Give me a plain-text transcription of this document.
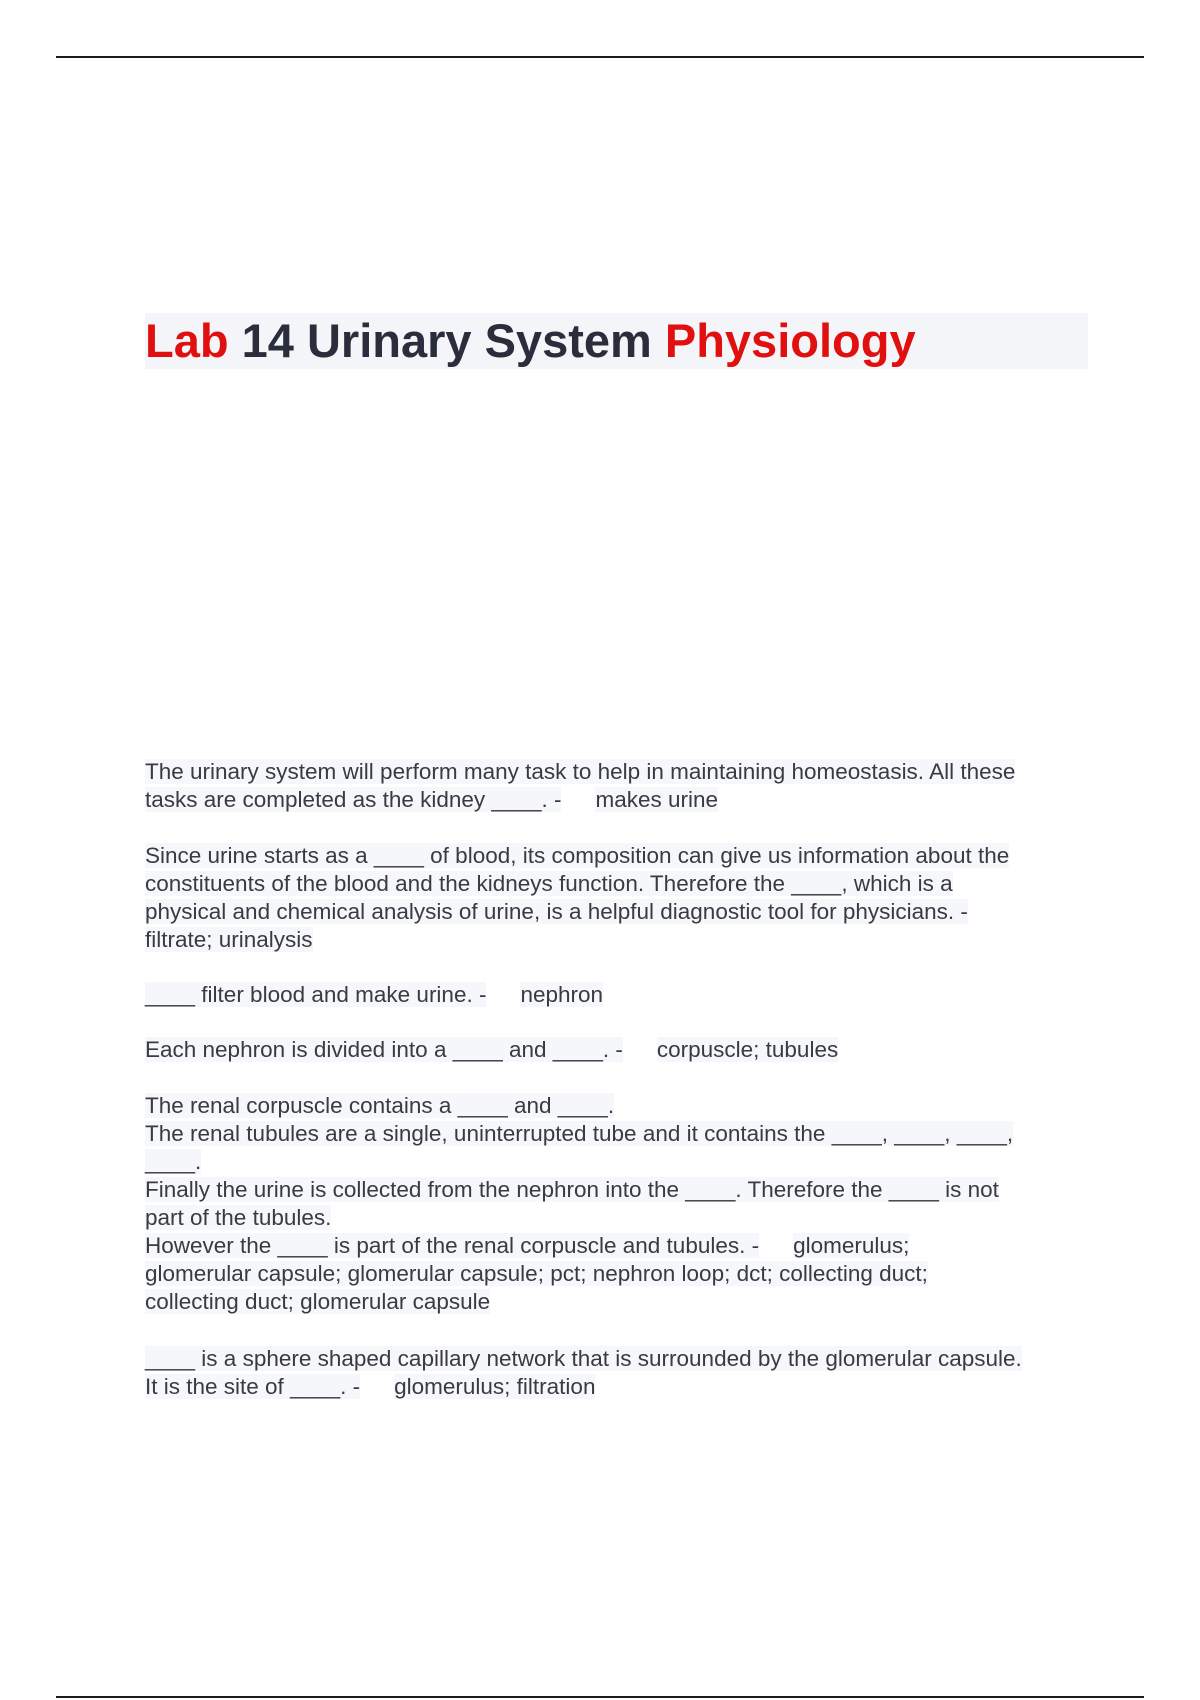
Lab 14 Urinary System Physiology

The urinary system will perform many task to help in maintaining homeostasis. All these

tasks are completed as the kidney ____. - makes urine

Since urine starts as a ____ of blood, its composition can give us information about the

constituents of the blood and the kidneys function. Therefore the ____, which is a

physical and chemical analysis of urine, is a helpful diagnostic tool for physicians. -

filtrate; urinalysis

____ filter blood and make urine. - nephron

Each nephron is divided into a ____ and ____. - corpuscle; tubules

The renal corpuscle contains a ____ and ____.

The renal tubules are a single, uninterrupted tube and it contains the ____, ____, ____,

____.

Finally the urine is collected from the nephron into the ____. Therefore the ____ is not

part of the tubules.

However the ____ is part of the renal corpuscle and tubules. - glomerulus;

glomerular capsule; glomerular capsule; pct; nephron loop; dct; collecting duct;

collecting duct; glomerular capsule

____ is a sphere shaped capillary network that is surrounded by the glomerular capsule.

It is the site of ____. - glomerulus; filtration
